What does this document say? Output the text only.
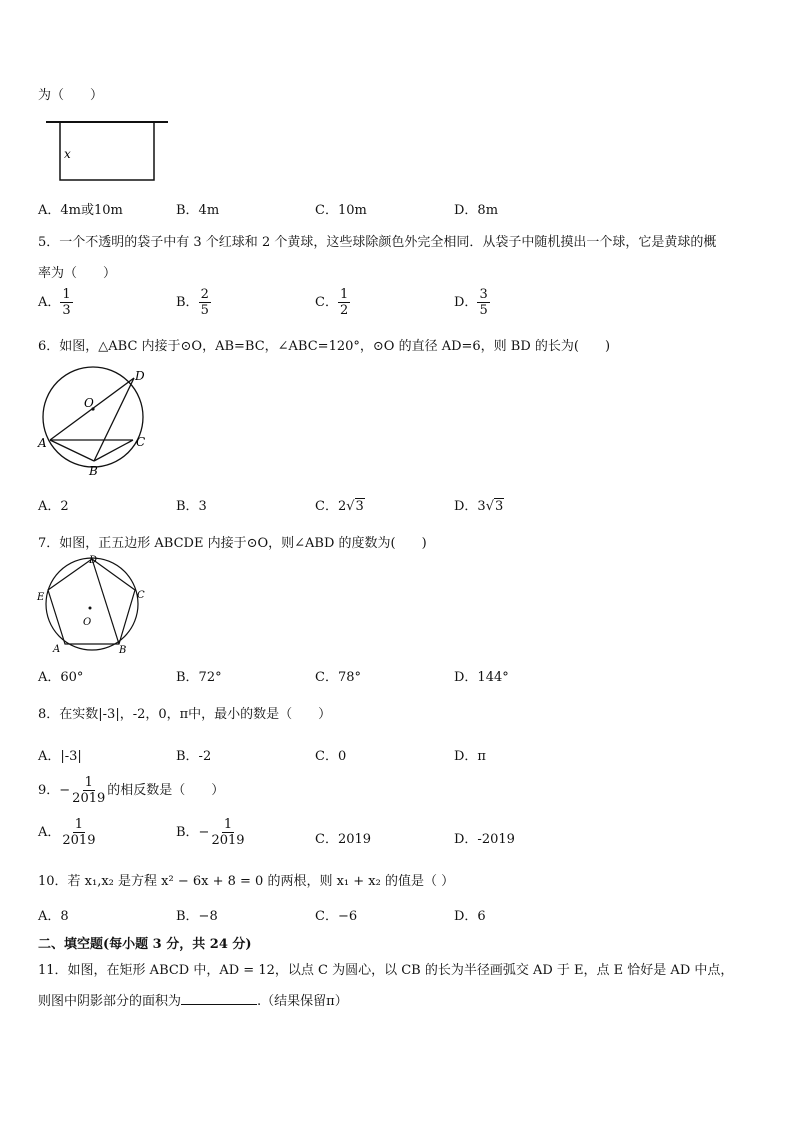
为（　　）
x
A．4m或10m	B．4m	C．10m	D．8m
5．一个不透明的袋子中有 3 个红球和 2 个黄球，这些球除颜色外完全相同．从袋子中随机摸出一个球，它是黄球的概
率为（　　）
A． $\frac{1}{3}$	B． $\frac{2}{5}$	C． $\frac{1}{2}$	D． $\frac{3}{5}$
6．如图，△ABC 内接于⊙O，AB=BC，∠ABC=120°，⊙O 的直径 AD=6，则 BD 的长为(　　)
O
A
B
C
D
A．2	B．3	C．2√3	D．3√3
7．如图，正五边形 ABCDE 内接于⊙O，则∠ABD 的度数为(　　)
D
E	C
A	B
O
A．60°	B．72°	C．78°	D．144°
8．在实数|-3|，-2，0，π中，最小的数是（　　）
A．|-3|	B．-2	C．0	D．π
9．− $\frac{1}{2019}$ 的相反数是（　　）
A． $\frac{1}{2019}$	B．− $\frac{1}{2019}$	C．2019	D．-2019
10．若 x₁,x₂ 是方程 x² − 6x + 8 = 0 的两根，则 x₁ + x₂ 的值是（ ）
A．8	B．−8	C．−6	D．6
二、填空题(每小题 3 分，共 24 分)
11．如图，在矩形 ABCD 中，AD = 12，以点 C 为圆心，以 CB 的长为半径画弧交 AD 于 E，点 E 恰好是 AD 中点，
则图中阴影部分的面积为	.（结果保留π）
